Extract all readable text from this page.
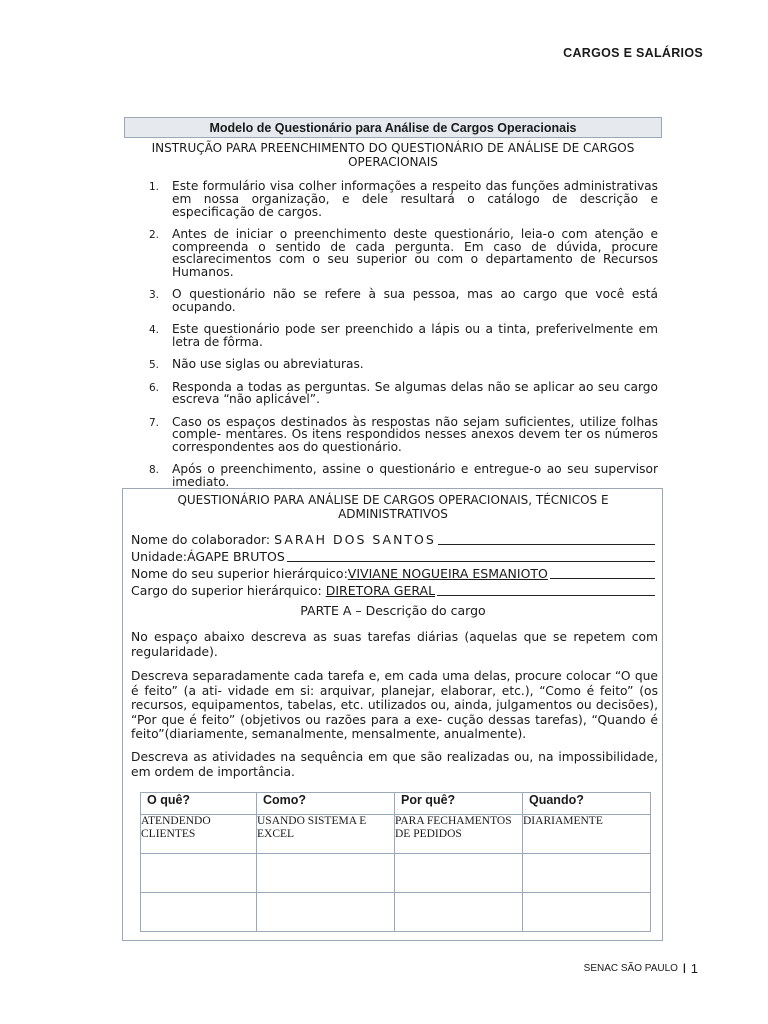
CARGOS E SALÁRIOS
Modelo de Questionário para Análise de Cargos Operacionais
INSTRUÇÃO PARA PREENCHIMENTO DO QUESTIONÁRIO DE ANÁLISE DE CARGOS OPERACIONAIS
1. Este formulário visa colher informações a respeito das funções administrativas em nossa organização, e dele resultará o catálogo de descrição e especificação de cargos.
2. Antes de iniciar o preenchimento deste questionário, leia-o com atenção e compreenda o sentido de cada pergunta. Em caso de dúvida, procure esclarecimentos com o seu superior ou com o departamento de Recursos Humanos.
3. O questionário não se refere à sua pessoa, mas ao cargo que você está ocupando.
4. Este questionário pode ser preenchido a lápis ou a tinta, preferivelmente em letra de fôrma.
5. Não use siglas ou abreviaturas.
6. Responda a todas as perguntas. Se algumas delas não se aplicar ao seu cargo escreva “não aplicável”.
7. Caso os espaços destinados às respostas não sejam suficientes, utilize folhas comple- mentares. Os itens respondidos nesses anexos devem ter os números correspondentes aos do questionário.
8. Após o preenchimento, assine o questionário e entregue-o ao seu supervisor imediato.
QUESTIONÁRIO PARA ANÁLISE DE CARGOS OPERACIONAIS, TÉCNICOS E ADMINISTRATIVOS
Nome do colaborador: SARAH DOS SANTOS
Unidade: ÁGAPE BRUTOS
Nome do seu superior hierárquico: VIVIANE NOGUEIRA ESMANIOTO
Cargo do superior hierárquico: DIRETORA GERAL
PARTE A – Descrição do cargo

No espaço abaixo descreva as suas tarefas diárias (aquelas que se repetem com regularidade).

Descreva separadamente cada tarefa e, em cada uma delas, procure colocar “O que é feito” (a ati- vidade em si: arquivar, planejar, elaborar, etc.), “Como é feito” (os recursos, equipamentos, tabelas, etc. utilizados ou, ainda, julgamentos ou decisões), “Por que é feito” (objetivos ou razões para a exe- cução dessas tarefas), “Quando é feito”(diariamente, semanalmente, mensalmente, anualmente).

Descreva as atividades na sequência em que são realizadas ou, na impossibilidade, em ordem de importância.

O quê?	Como?	Por quê?	Quando?
ATENDENDO CLIENTES	USANDO SISTEMA E EXCEL	PARA FECHAMENTOS DE PEDIDOS	DIARIAMENTE

SENAC SÃO PAULO | 1
